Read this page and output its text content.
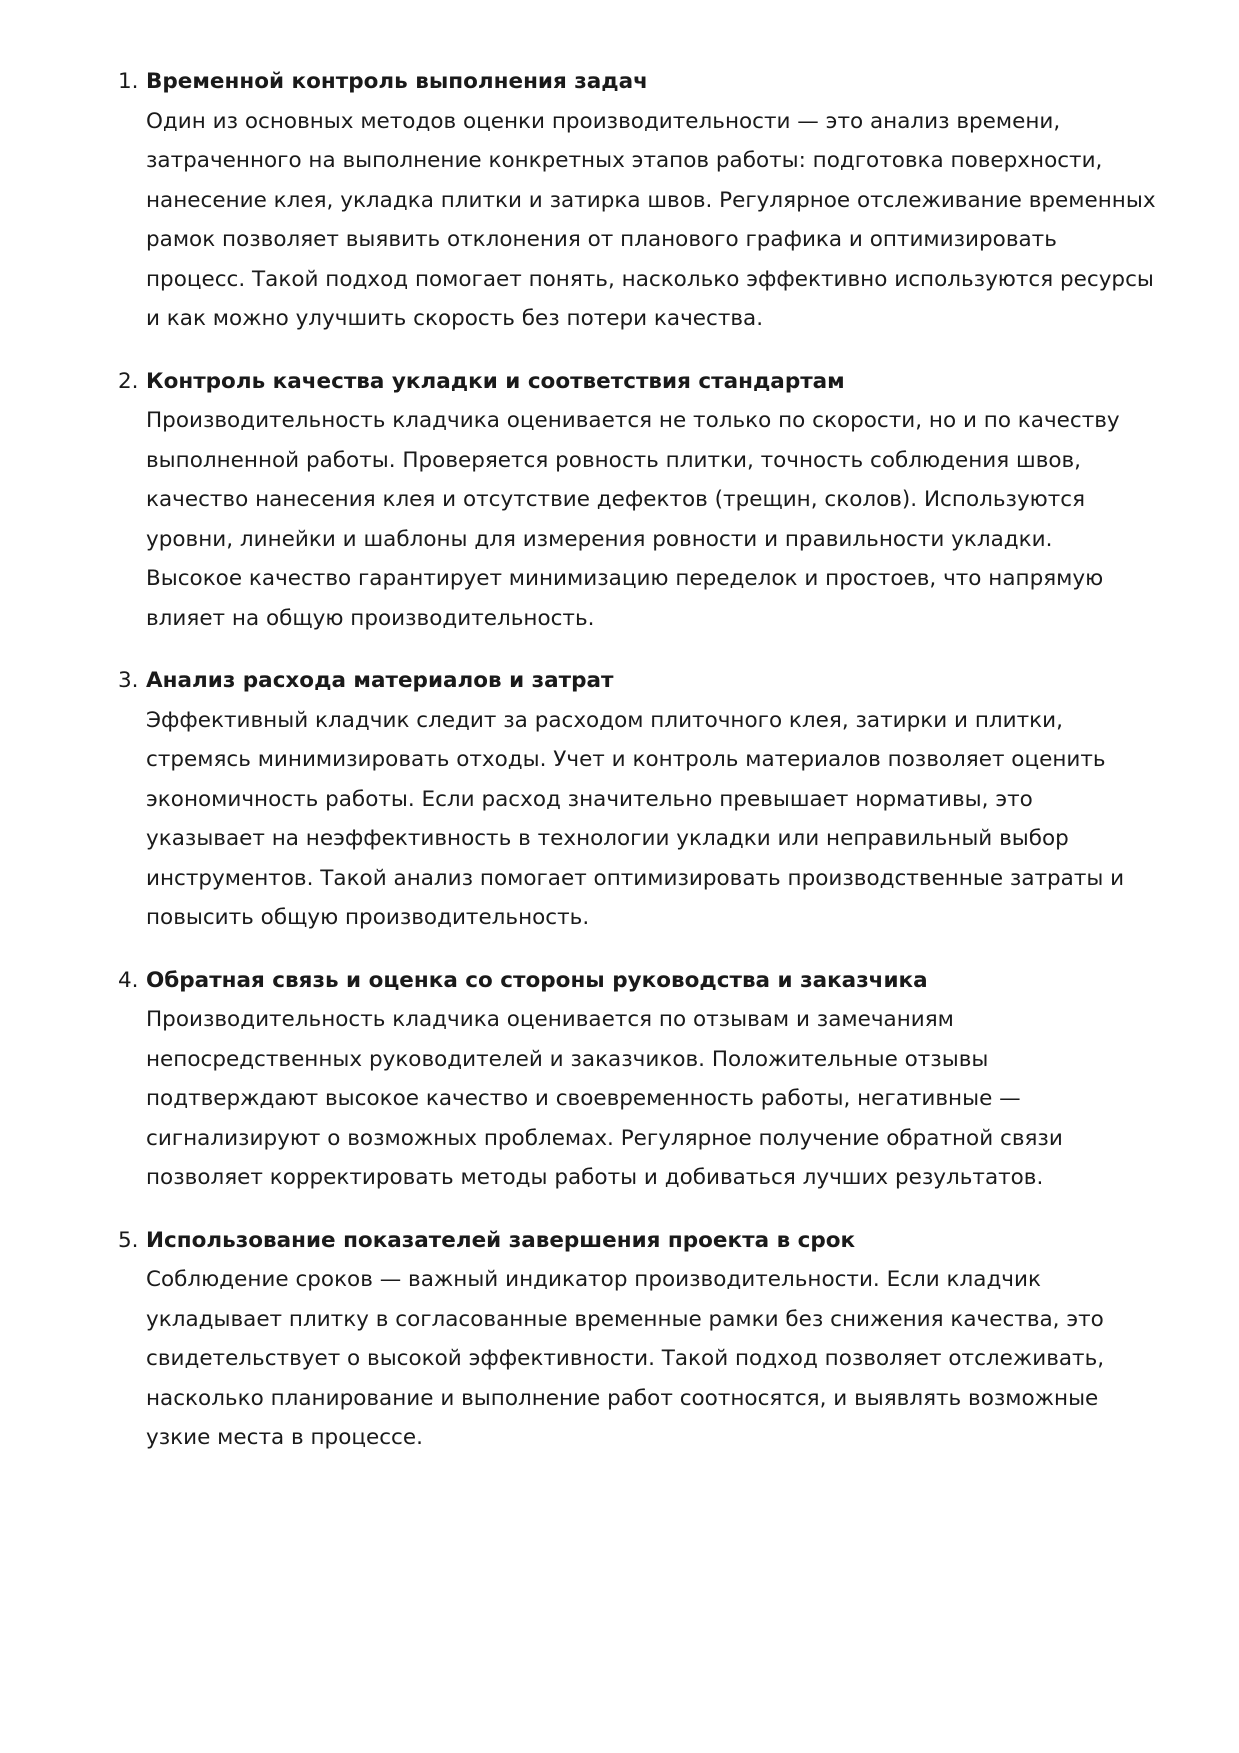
1. Временной контроль выполнения задач

Один из основных методов оценки производительности — это анализ времени,
затраченного на выполнение конкретных этапов работы: подготовка поверхности,
нанесение клея, укладка плитки и затирка швов. Регулярное отслеживание временных
рамок позволяет выявить отклонения от планового графика и оптимизировать
процесс. Такой подход помогает понять, насколько эффективно используются ресурсы
и как можно улучшить скорость без потери качества.

2. Контроль качества укладки и соответствия стандартам

Производительность кладчика оценивается не только по скорости, но и по качеству
выполненной работы. Проверяется ровность плитки, точность соблюдения швов,
качество нанесения клея и отсутствие дефектов (трещин, сколов). Используются
уровни, линейки и шаблоны для измерения ровности и правильности укладки.
Высокое качество гарантирует минимизацию переделок и простоев, что напрямую
влияет на общую производительность.

3. Анализ расхода материалов и затрат

Эффективный кладчик следит за расходом плиточного клея, затирки и плитки,
стремясь минимизировать отходы. Учет и контроль материалов позволяет оценить
экономичность работы. Если расход значительно превышает нормативы, это
указывает на неэффективность в технологии укладки или неправильный выбор
инструментов. Такой анализ помогает оптимизировать производственные затраты и
повысить общую производительность.

4. Обратная связь и оценка со стороны руководства и заказчика

Производительность кладчика оценивается по отзывам и замечаниям
непосредственных руководителей и заказчиков. Положительные отзывы
подтверждают высокое качество и своевременность работы, негативные —
сигнализируют о возможных проблемах. Регулярное получение обратной связи
позволяет корректировать методы работы и добиваться лучших результатов.

5. Использование показателей завершения проекта в срок

Соблюдение сроков — важный индикатор производительности. Если кладчик
укладывает плитку в согласованные временные рамки без снижения качества, это
свидетельствует о высокой эффективности. Такой подход позволяет отслеживать,
насколько планирование и выполнение работ соотносятся, и выявлять возможные
узкие места в процессе.
